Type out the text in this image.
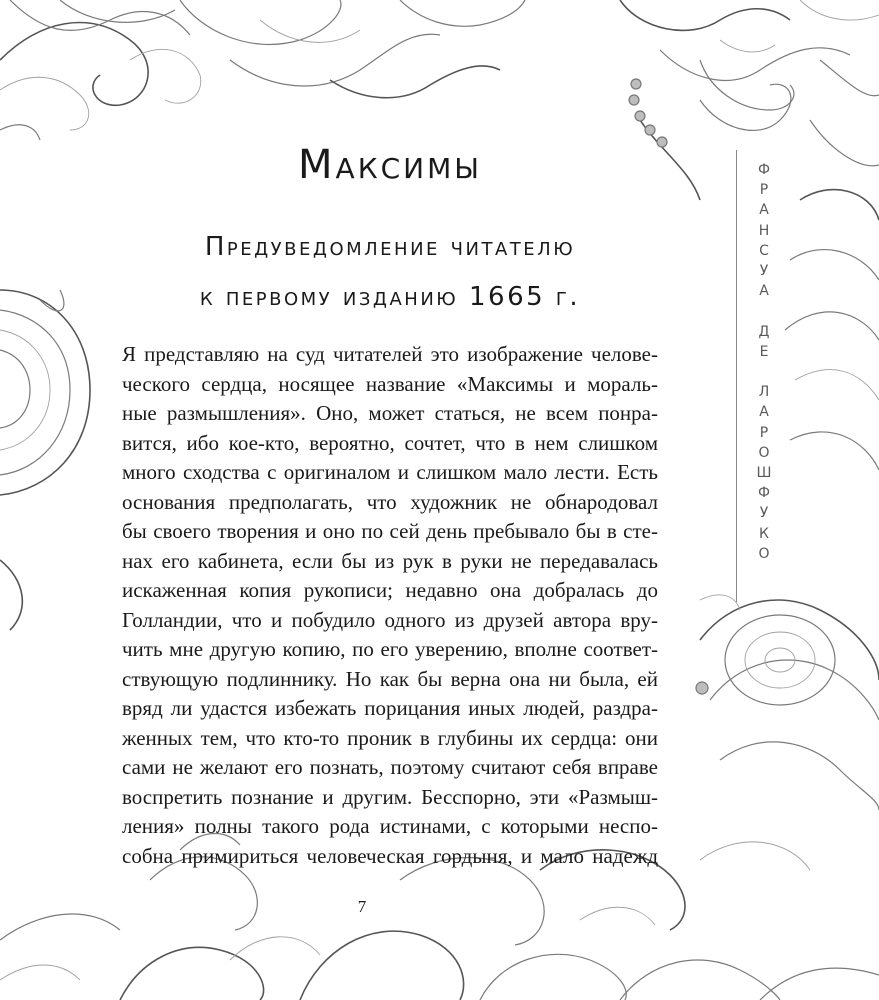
Максимы
Предуведомление читателю
к первому изданию 1665 г.
Я представляю на суд читателей это изображение челове-
ческого сердца, носящее название «Максимы и мораль-
ные размышления». Оно, может статься, не всем понра-
вится, ибо кое-кто, вероятно, сочтет, что в нем слишком
много сходства с оригиналом и слишком мало лести. Есть
основания предполагать, что художник не обнародовал
бы своего творения и оно по сей день пребывало бы в сте-
нах его кабинета, если бы из рук в руки не передавалась
искаженная копия рукописи; недавно она добралась до
Голландии, что и побудило одного из друзей автора вру-
чить мне другую копию, по его уверению, вполне соответ-
ствующую подлиннику. Но как бы верна она ни была, ей
вряд ли удастся избежать порицания иных людей, раздра-
женных тем, что кто-то проник в глубины их сердца: они
сами не желают его познать, поэтому считают себя вправе
воспретить познание и другим. Бесспорно, эти «Размыш-
ления» полны такого рода истинами, с которыми неспо-
собна примириться человеческая гордыня, и мало надежд
Ф
Р
А
Н
С
У
А

Д
Е

Л
А
Р
О
Ш
Ф
У
К
О
7
